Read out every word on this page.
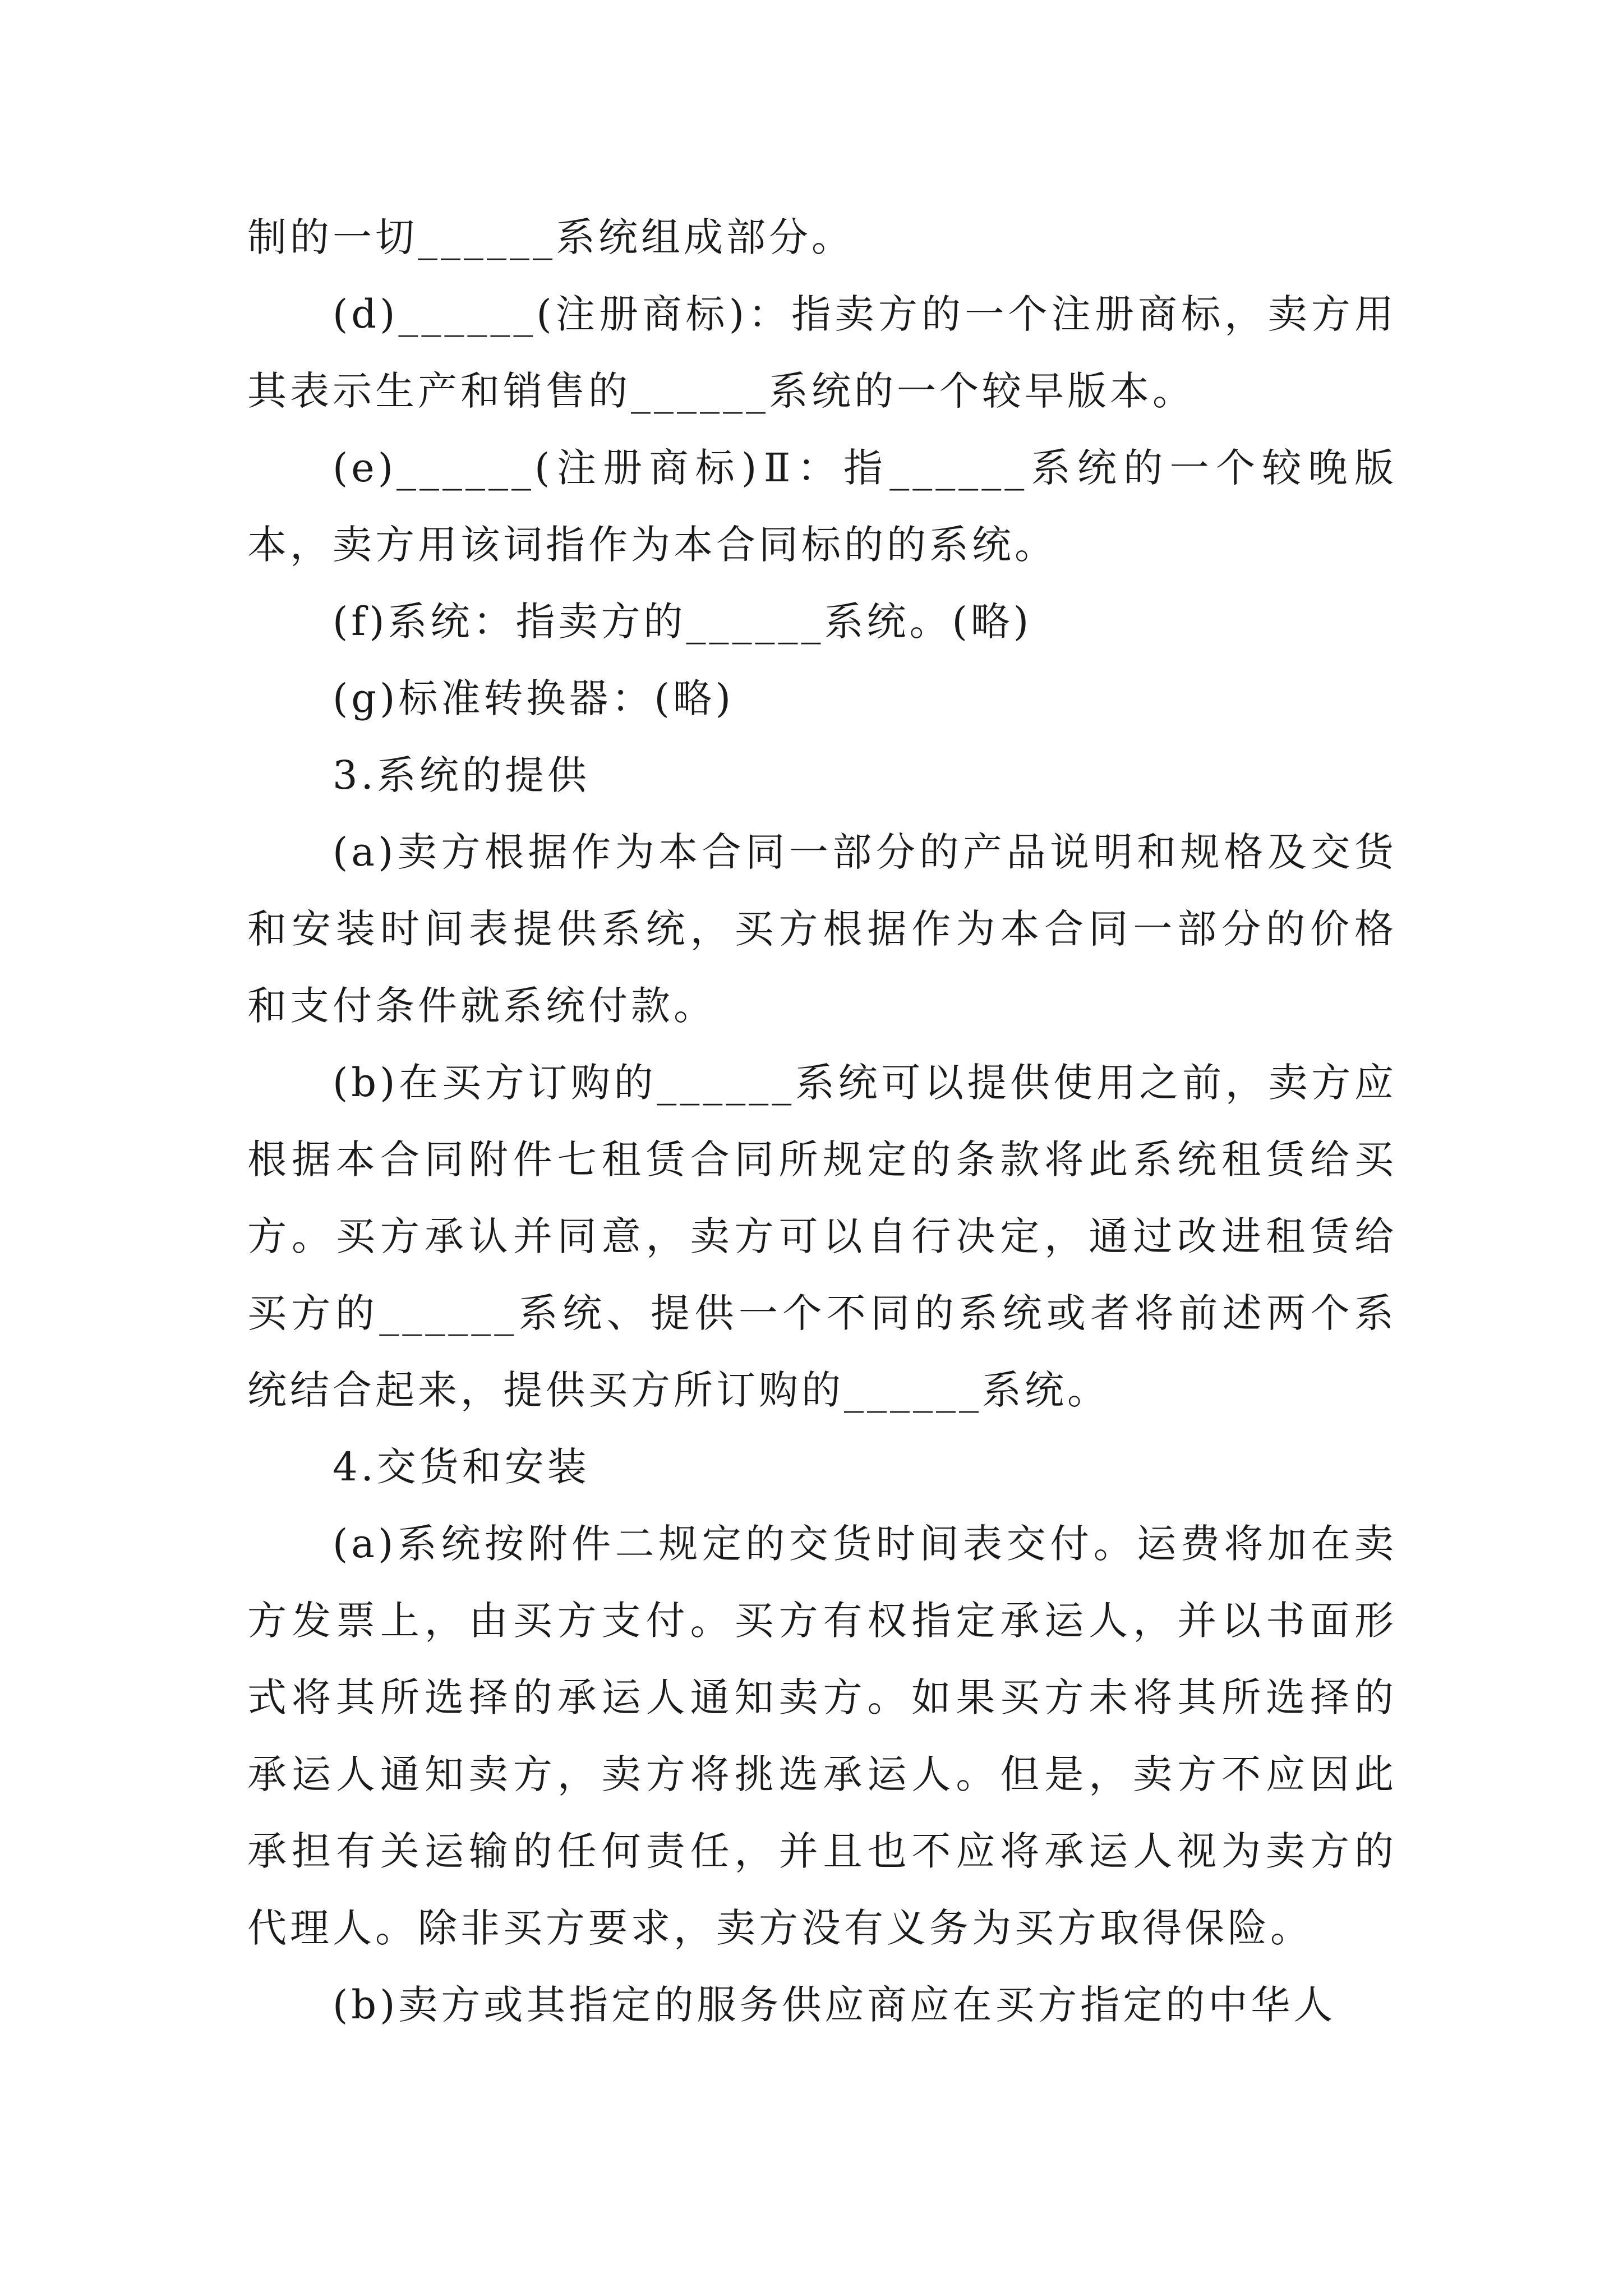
制的一切______系统组成部分。

(d)______(注册商标)：指卖方的一个注册商标，卖方用其表示生产和销售的______系统的一个较早版本。

(e)______(注册商标)Ⅱ：指______系统的一个较晚版本，卖方用该词指作为本合同标的的系统。

(f)系统：指卖方的______系统。(略)

(g)标准转换器：(略)

3.系统的提供

(a)卖方根据作为本合同一部分的产品说明和规格及交货和安装时间表提供系统，买方根据作为本合同一部分的价格和支付条件就系统付款。

(b)在买方订购的______系统可以提供使用之前，卖方应根据本合同附件七租赁合同所规定的条款将此系统租赁给买方。买方承认并同意，卖方可以自行决定，通过改进租赁给买方的______系统、提供一个不同的系统或者将前述两个系统结合起来，提供买方所订购的______系统。

4.交货和安装

(a)系统按附件二规定的交货时间表交付。运费将加在卖方发票上，由买方支付。买方有权指定承运人，并以书面形式将其所选择的承运人通知卖方。如果买方未将其所选择的承运人通知卖方，卖方将挑选承运人。但是，卖方不应因此承担有关运输的任何责任，并且也不应将承运人视为卖方的代理人。除非买方要求，卖方没有义务为买方取得保险。

(b)卖方或其指定的服务供应商应在买方指定的中华人
